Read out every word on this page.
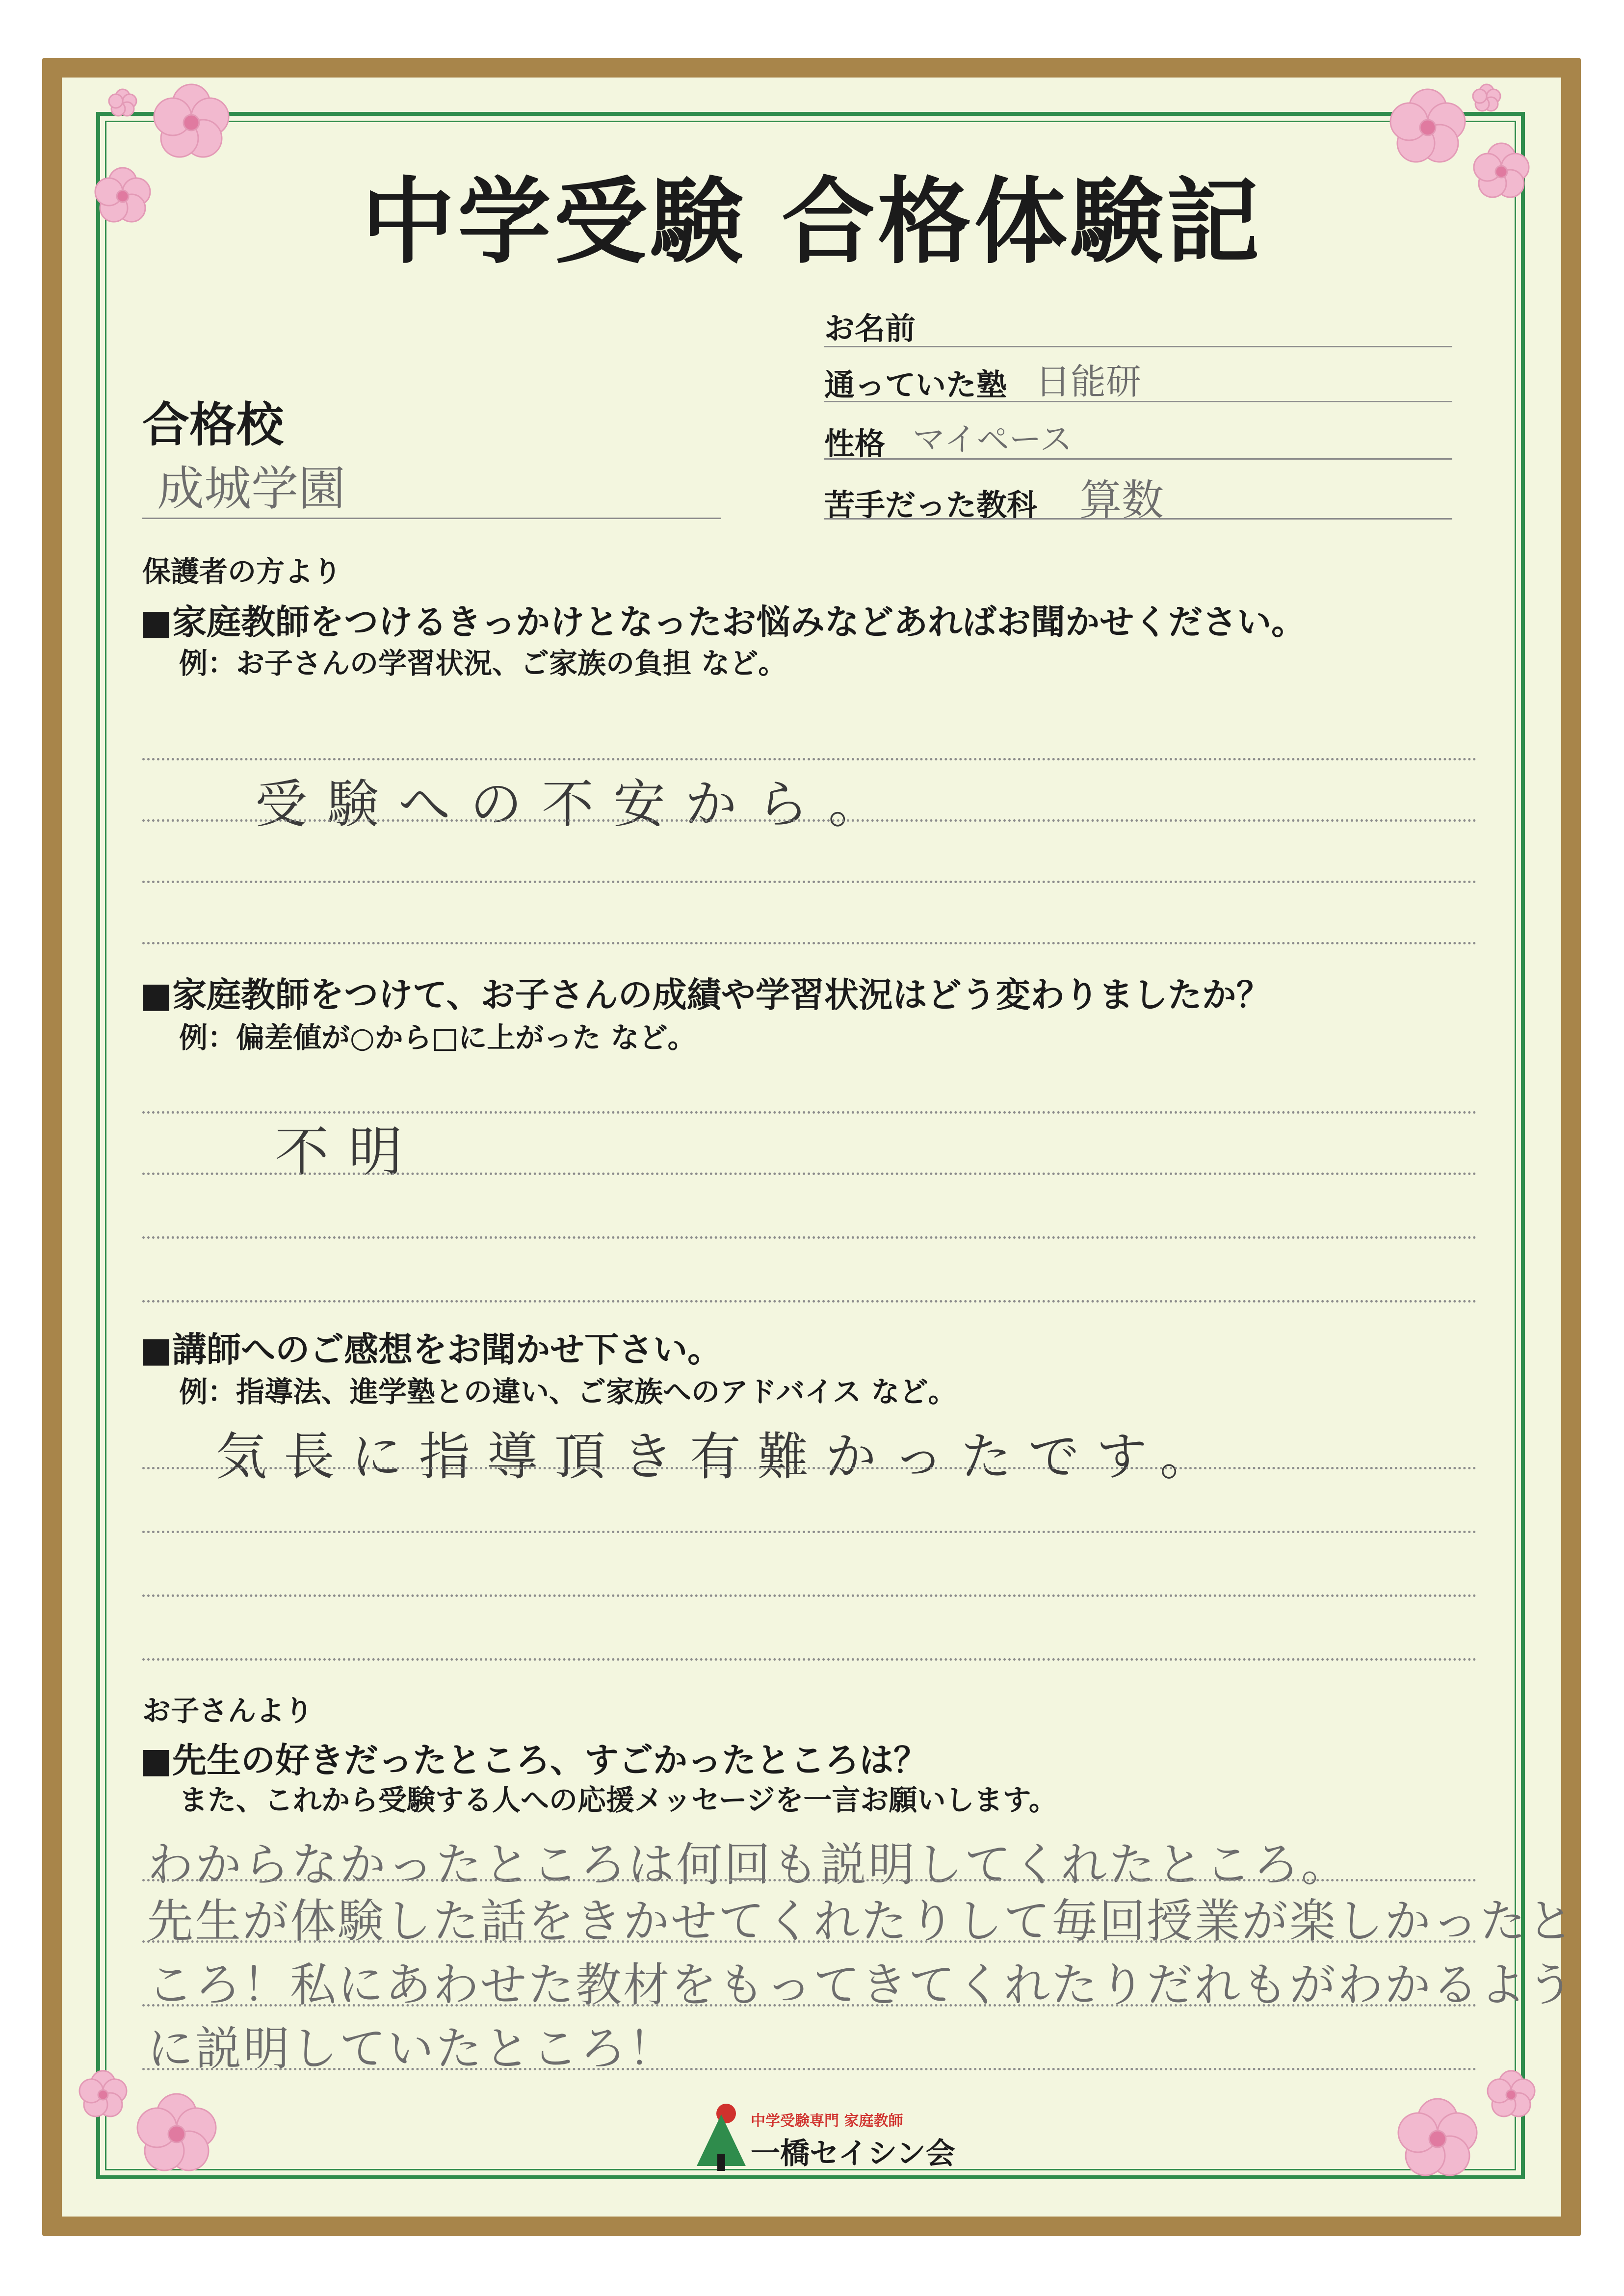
中学受験 合格体験記
合格校
成城学園
お名前
通っていた塾 日能研
性格 マイペース
苦手だった教科 算数
保護者の方より
■家庭教師をつけるきっかけとなったお悩みなどあればお聞かせください。
例：お子さんの学習状況、ご家族の負担 など。
受験への不安から。
■家庭教師をつけて、お子さんの成績や学習状況はどう変わりましたか？
例：偏差値が○から□に上がった など。
不明
■講師へのご感想をお聞かせ下さい。
例：指導法、進学塾との違い、ご家族へのアドバイス など。
気長に指導頂き有難かったです。
お子さんより
■先生の好きだったところ、すごかったところは？
また、これから受験する人への応援メッセージを一言お願いします。
わからなかったところは何回も説明してくれたところ。
先生が体験した話をきかせてくれたりして毎回授業が楽しかったと
ころ！私にあわせた教材をもってきてくれたりだれもがわかるよう
に説明していたところ！
中学受験専門 家庭教師
一橋セイシン会
